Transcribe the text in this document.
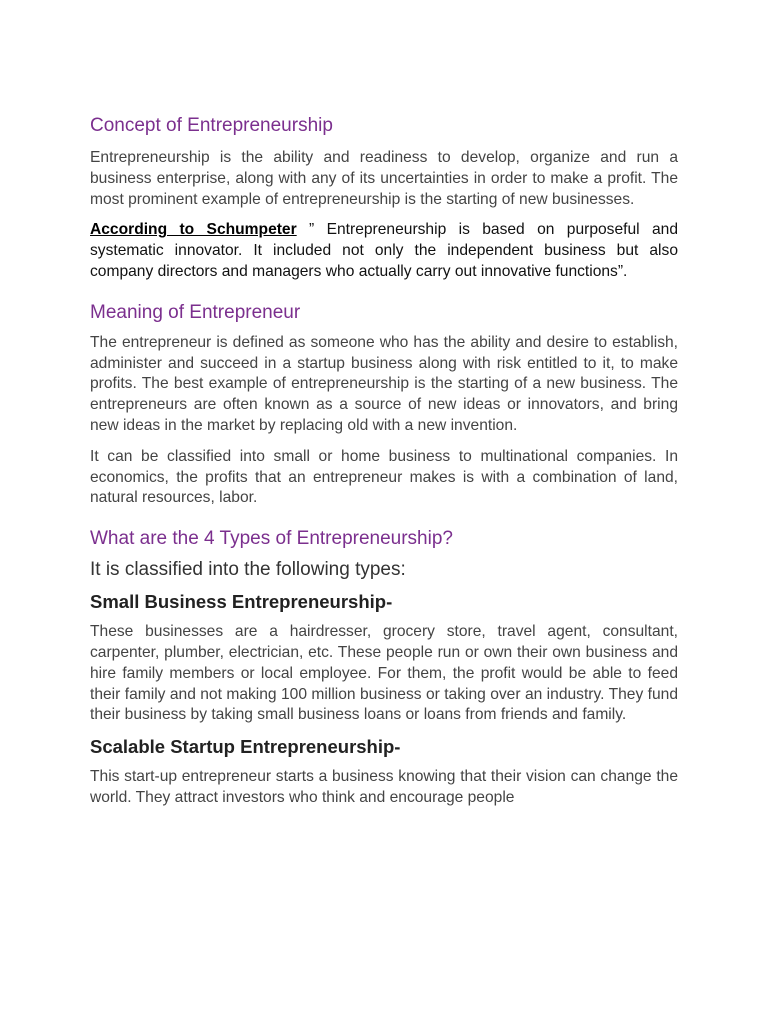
Concept of Entrepreneurship

Entrepreneurship is the ability and readiness to develop, organize and run a business enterprise, along with any of its uncertainties in order to make a profit. The most prominent example of entrepreneurship is the starting of new businesses.

According to Schumpeter ” Entrepreneurship is based on purposeful and systematic innovator. It included not only the independent business but also company directors and managers who actually carry out innovative functions”.

Meaning of Entrepreneur

The entrepreneur is defined as someone who has the ability and desire to establish, administer and succeed in a startup business along with risk entitled to it, to make profits. The best example of entrepreneurship is the starting of a new business. The entrepreneurs are often known as a source of new ideas or innovators, and bring new ideas in the market by replacing old with a new invention.

It can be classified into small or home business to multinational companies. In economics, the profits that an entrepreneur makes is with a combination of land, natural resources, labor.

What are the 4 Types of Entrepreneurship?

It is classified into the following types:

Small Business Entrepreneurship-

These businesses are a hairdresser, grocery store, travel agent, consultant, carpenter, plumber, electrician, etc. These people run or own their own business and hire family members or local employee. For them, the profit would be able to feed their family and not making 100 million business or taking over an industry. They fund their business by taking small business loans or loans from friends and family.

Scalable Startup Entrepreneurship-

This start-up entrepreneur starts a business knowing that their vision can change the world. They attract investors who think and encourage people
